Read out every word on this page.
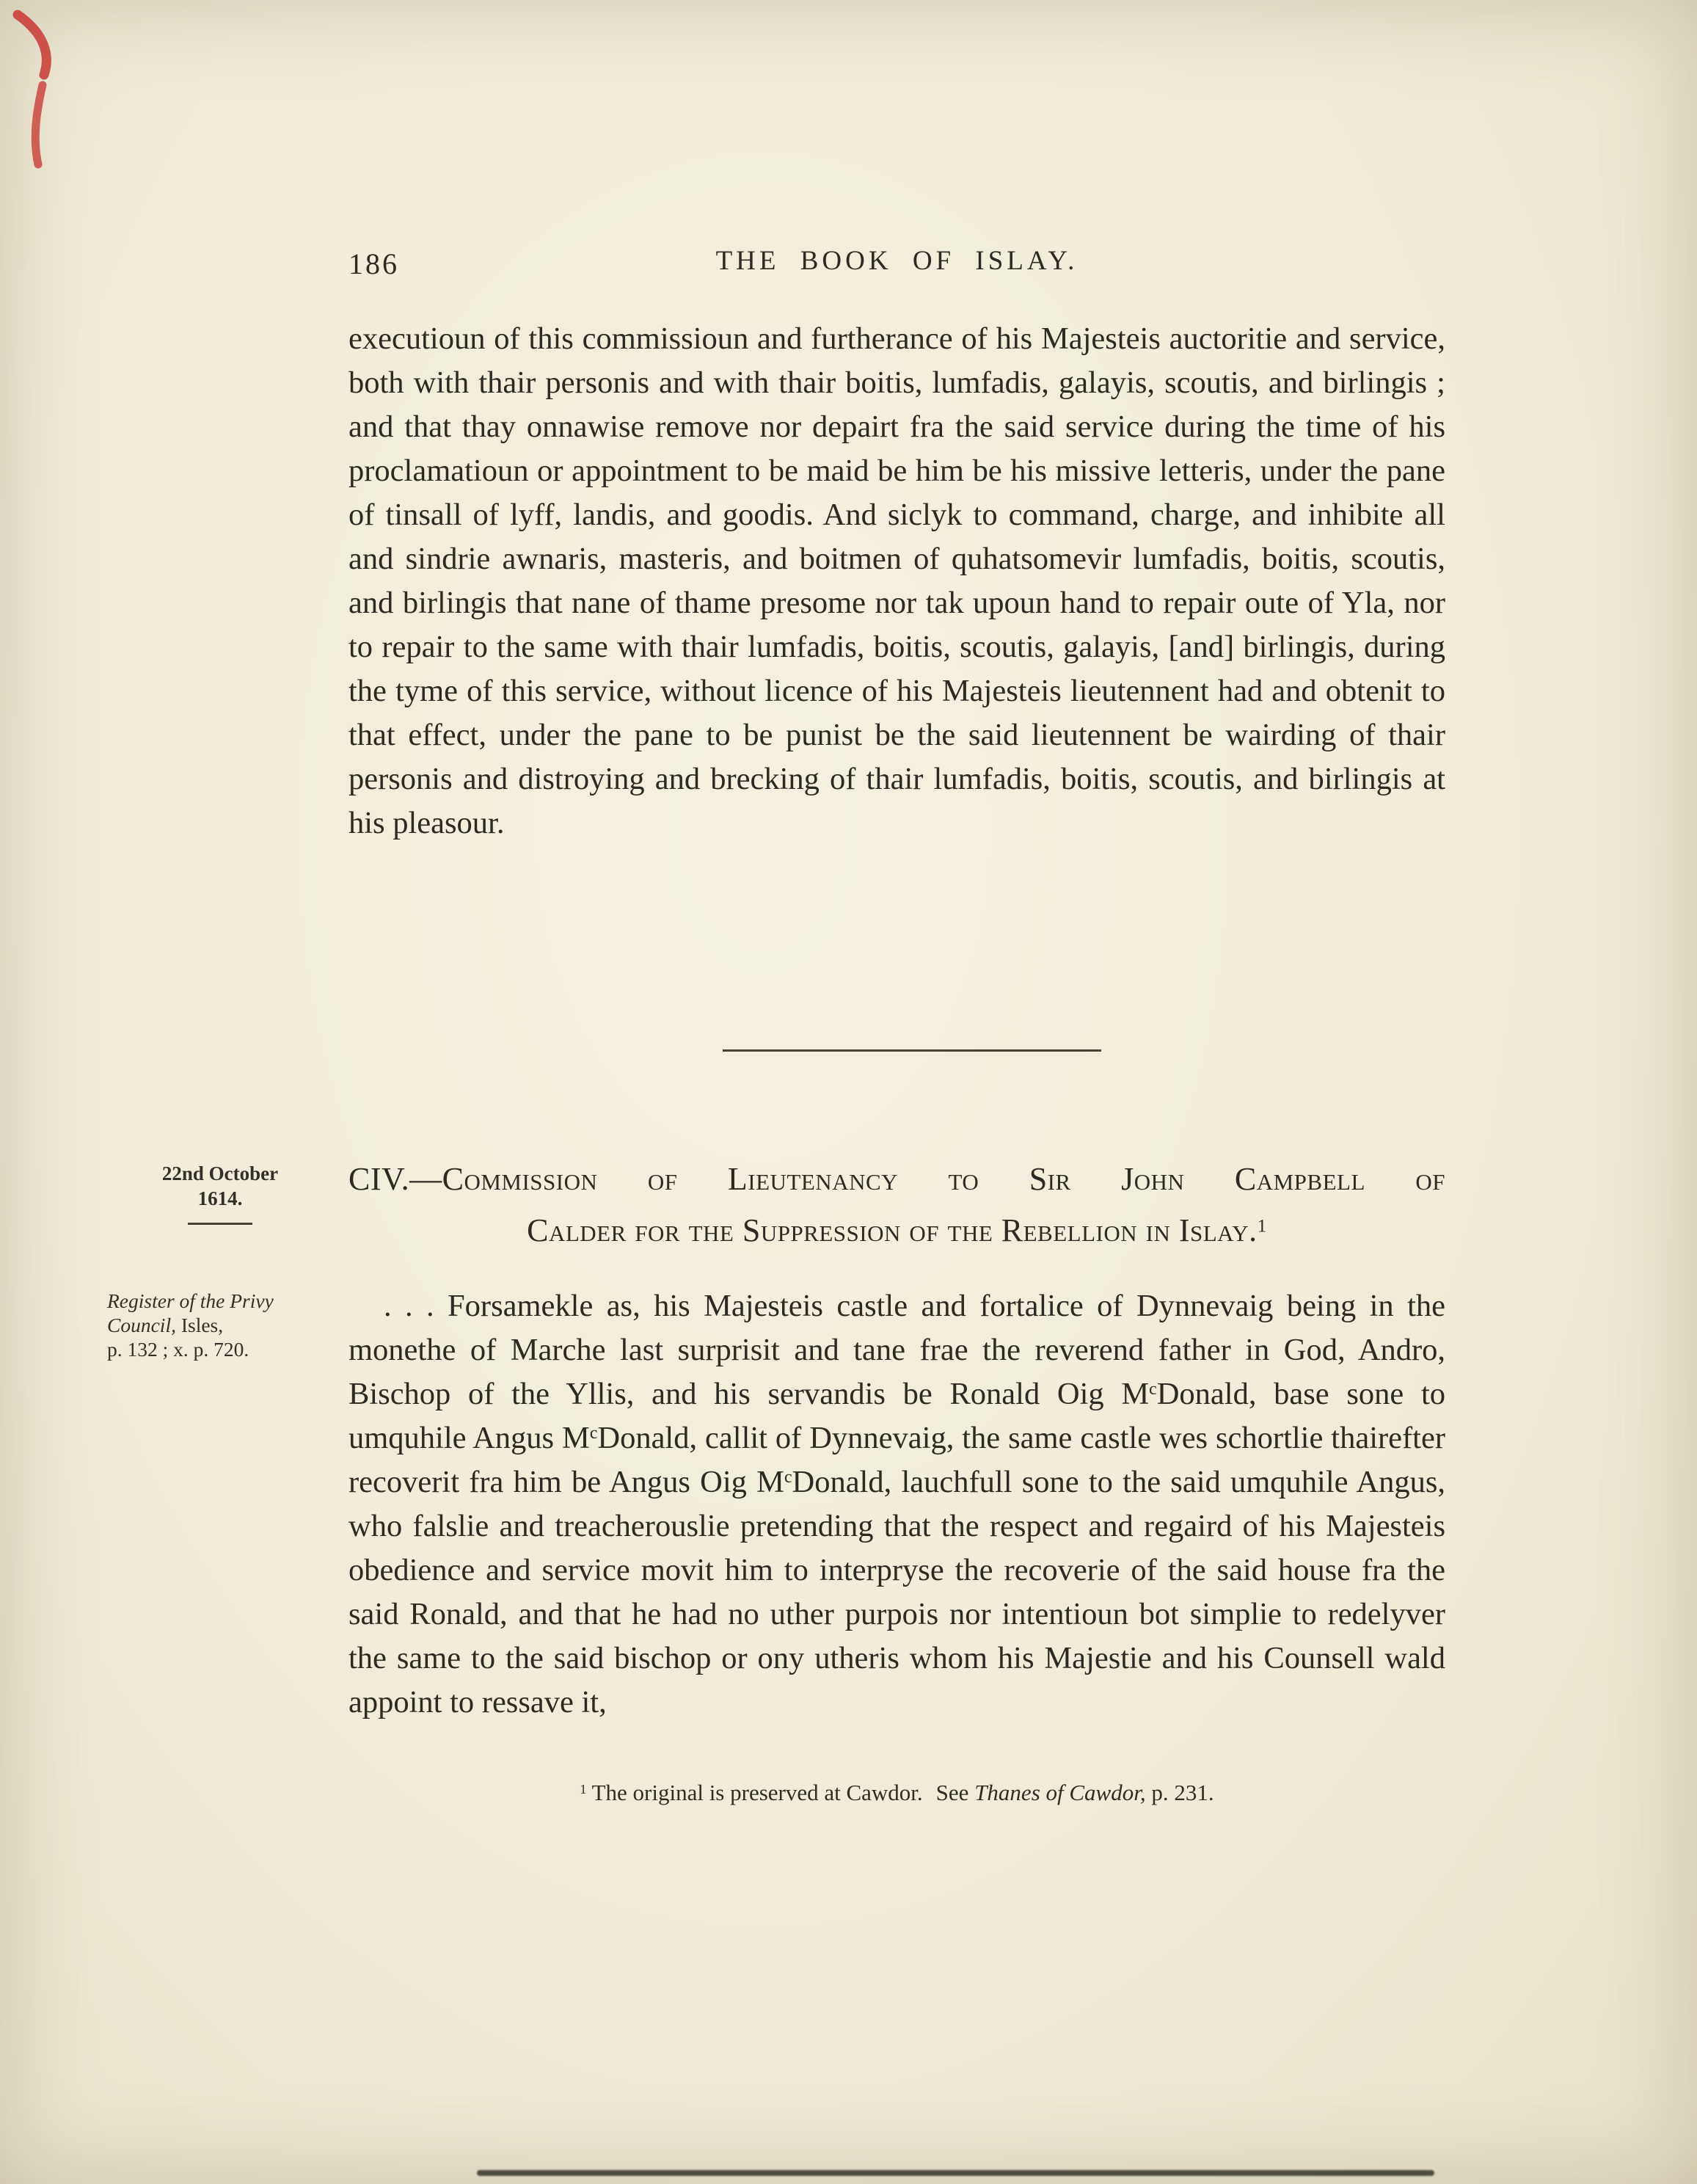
186	THE BOOK OF ISLAY.

executioun of this commissioun and furtherance of his Majesteis auctoritie and service, both with thair personis and with thair boitis, lumfadis, galayis, scoutis, and birlingis ; and that thay onnawise remove nor depairt fra the said service during the time of his proclamatioun or appointment to be maid be him be his missive letteris, under the pane of tinsall of lyff, landis, and goodis. And siclyk to command, charge, and inhibite all and sindrie awnaris, masteris, and boitmen of quhatsomevir lumfadis, boitis, scoutis, and birlingis that nane of thame presome nor tak upoun hand to repair oute of Yla, nor to repair to the same with thair lumfadis, boitis, scoutis, galayis, [and] birlingis, during the tyme of this service, without licence of his Majesteis lieutennent had and obtenit to that effect, under the pane to be punist be the said lieutennent be wairding of thair personis and distroying and brecking of thair lumfadis, boitis, scoutis, and birlingis at his pleasour.

22nd October
1614.
CIV.—Commission of Lieutenancy to Sir John Campbell of
Calder for the Suppression of the Rebellion in Islay.$^1$
Register of the Privy
Council, Isles,
p. 132 ; x. p. 720.

. . . Forsamekle as, his Majesteis castle and fortalice of Dynnevaig being in the monethe of Marche last surprisit and tane frae the reverend father in God, Andro, Bischop of the Yllis, and his servandis be Ronald Oig $M^cDonald$, base sone to umquhile Angus $M^cDonald$, callit of Dynnevaig, the same castle wes schortlie thairefter recoverit fra him be Angus Oig $M^cDonald$, lauchfull sone to the said umquhile Angus, who falslie and treacherouslie pretending that the respect and regaird of his Majesteis obedience and service movit him to interpryse the recoverie of the said house fra the said Ronald, and that he had no uther purpois nor intentioun bot simplie to redelyver the same to the said bischop or ony utheris whom his Majestie and his Counsell wald appoint to ressave it,

$^1$ The original is preserved at Cawdor. See Thanes of Cawdor, p. 231.
